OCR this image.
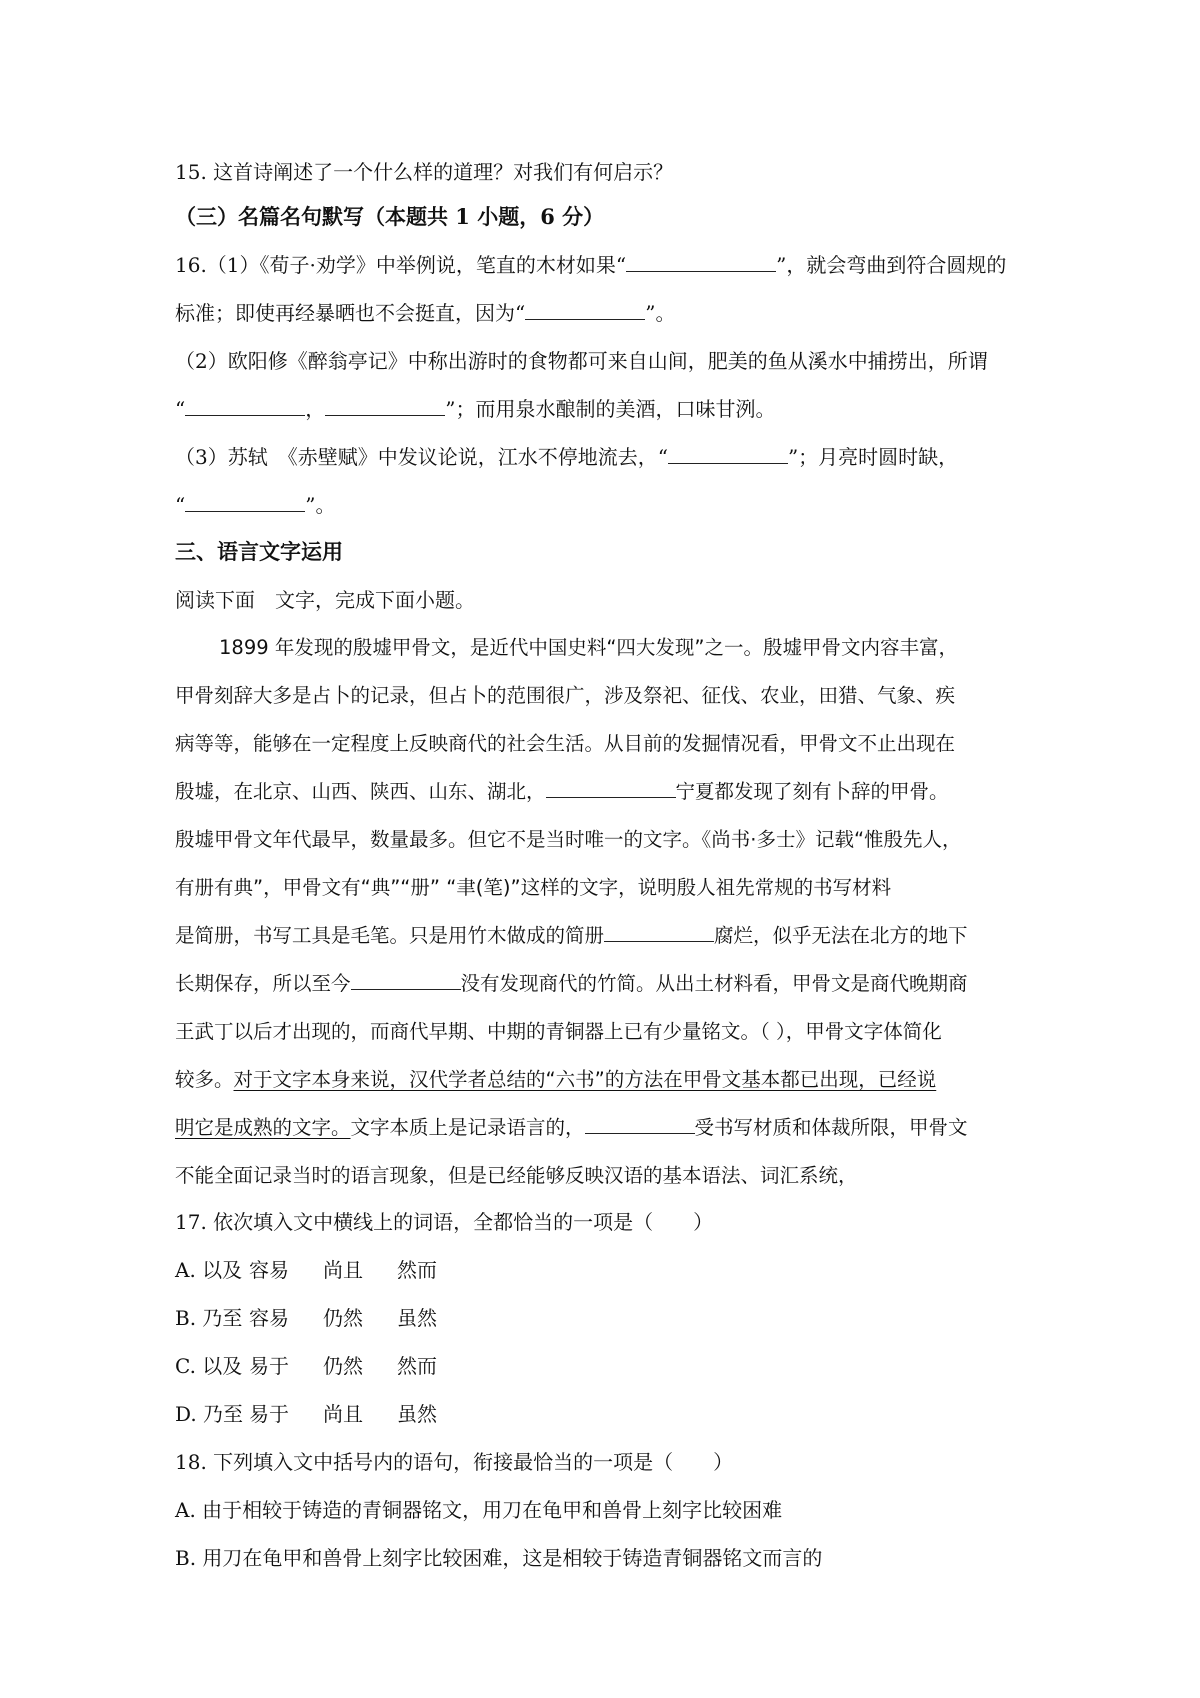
15. 这首诗阐述了一个什么样的道理？对我们有何启示？
（三）名篇名句默写（本题共 1 小题，6 分）
16.（1）《荀子·劝学》中举例说，笔直的木材如果“	”，就会弯曲到符合圆规的
标准；即使再经暴晒也不会挺直，因为“	”。
（2）欧阳修《醉翁亭记》中称出游时的食物都可来自山间，肥美的鱼从溪水中捕捞出，所谓
“	，	”；而用泉水酿制的美酒，口味甘洌。
（3）苏轼　《赤壁赋》中发议论说，江水不停地流去，“	”；月亮时圆时缺，
“	”。
三、语言文字运用
阅读下面　文字，完成下面小题。
1899 年发现的殷墟甲骨文，是近代中国史料“四大发现”之一。殷墟甲骨文内容丰富，
甲骨刻辞大多是占卜的记录，但占卜的范围很广，涉及祭祀、征伐、农业，田猎、气象、疾
病等等，能够在一定程度上反映商代的社会生活。从目前的发掘情况看，甲骨文不止出现在
殷墟，在北京、山西、陕西、山东、湖北，	宁夏都发现了刻有卜辞的甲骨。
殷墟甲骨文年代最早，数量最多。但它不是当时唯一的文字。《尚书·多士》记载“惟殷先人，
有册有典”，甲骨文有“典”“册” “聿(笔)”这样的文字，说明殷人祖先常规的书写材料
是简册，书写工具是毛笔。只是用竹木做成的简册	腐烂，似乎无法在北方的地下
长期保存，所以至今	没有发现商代的竹简。从出土材料看，甲骨文是商代晚期商
王武丁以后才出现的，而商代早期、中期的青铜器上已有少量铭文。（ ），甲骨文字体简化
较多。对于文字本身来说，汉代学者总结的“六书”的方法在甲骨文基本都已出现，已经说
明它是成熟的文字。文字本质上是记录语言的，	受书写材质和体裁所限，甲骨文
不能全面记录当时的语言现象，但是已经能够反映汉语的基本语法、词汇系统，
17. 依次填入文中横线上的词语，全都恰当的一项是（　　）
A. 以及 容易 尚且 然而
B. 乃至 容易 仍然 虽然
C. 以及 易于 仍然 然而
D. 乃至 易于 尚且 虽然
18. 下列填入文中括号内的语句，衔接最恰当的一项是（　　）
A. 由于相较于铸造的青铜器铭文，用刀在龟甲和兽骨上刻字比较困难
B. 用刀在龟甲和兽骨上刻字比较困难，这是相较于铸造青铜器铭文而言的
